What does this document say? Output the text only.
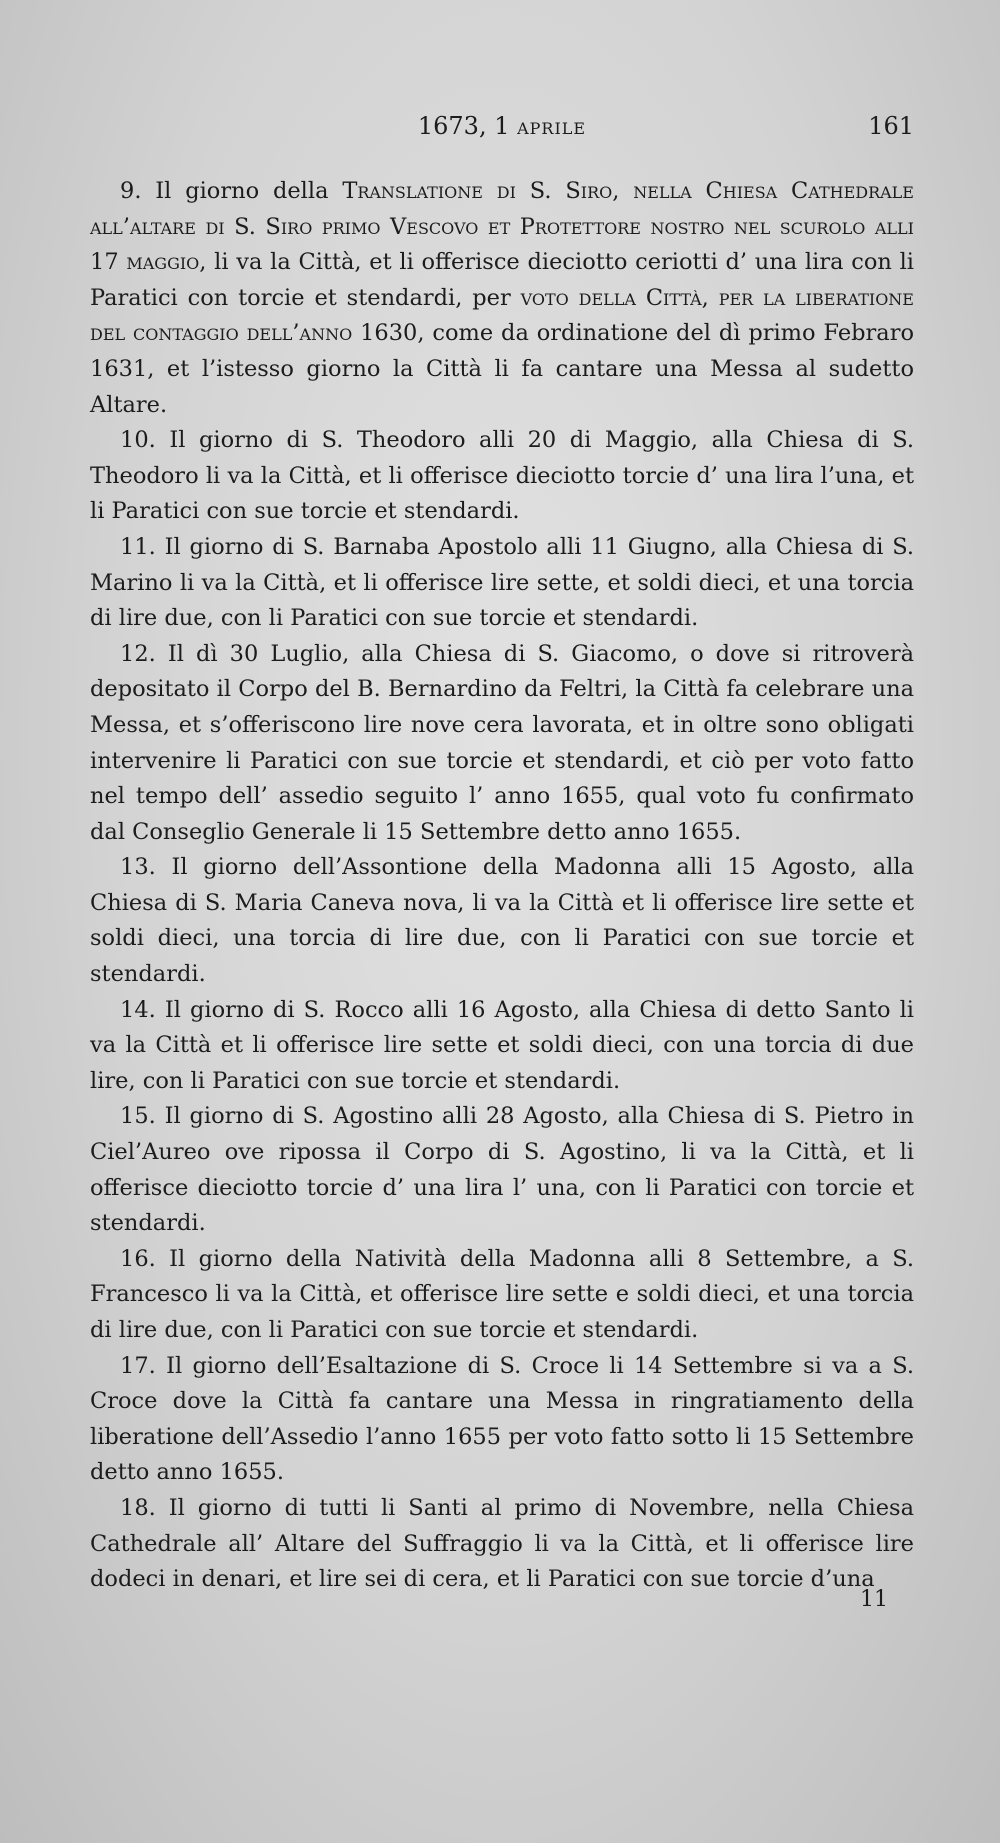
1673, 1 APRILE	161

9. Il giorno della Translatione di S. Siro, nella Chiesa Cathedrale all’altare di S. Siro primo Vescovo et Protettore nostro nel scurolo alli 17 maggio, li va la Città, et li offerisce dieciotto ceriotti d’ una lira con li Paratici con torcie et stendardi, per voto della Città, per la liberatione del contaggio dell’anno 1630, come da ordinatione del dì primo Febraro 1631, et l’istesso giorno la Città li fa cantare una Messa al sudetto Altare.

10. Il giorno di S. Theodoro alli 20 di Maggio, alla Chiesa di S. Theodoro li va la Città, et li offerisce dieciotto torcie d’ una lira l’una, et li Paratici con sue torcie et stendardi.

11. Il giorno di S. Barnaba Apostolo alli 11 Giugno, alla Chiesa di S. Marino li va la Città, et li offerisce lire sette, et soldi dieci, et una torcia di lire due, con li Paratici con sue torcie et stendardi.

12. Il dì 30 Luglio, alla Chiesa di S. Giacomo, o dove si ritroverà depositato il Corpo del B. Bernardino da Feltri, la Città fa celebrare una Messa, et s’offeriscono lire nove cera lavorata, et in oltre sono obligati intervenire li Paratici con sue torcie et stendardi, et ciò per voto fatto nel tempo dell’ assedio seguito l’ anno 1655, qual voto fu confirmato dal Conseglio Generale li 15 Settembre detto anno 1655.

13. Il giorno dell’Assontione della Madonna alli 15 Agosto, alla Chiesa di S. Maria Caneva nova, li va la Città et li offerisce lire sette et soldi dieci, una torcia di lire due, con li Paratici con sue torcie et stendardi.

14. Il giorno di S. Rocco alli 16 Agosto, alla Chiesa di detto Santo li va la Città et li offerisce lire sette et soldi dieci, con una torcia di due lire, con li Paratici con sue torcie et stendardi.

15. Il giorno di S. Agostino alli 28 Agosto, alla Chiesa di S. Pietro in Ciel’Aureo ove ripossa il Corpo di S. Agostino, li va la Città, et li offerisce dieciotto torcie d’ una lira l’ una, con li Paratici con torcie et stendardi.

16. Il giorno della Natività della Madonna alli 8 Settembre, a S. Francesco li va la Città, et offerisce lire sette e soldi dieci, et una torcia di lire due, con li Paratici con sue torcie et stendardi.

17. Il giorno dell’Esaltazione di S. Croce li 14 Settembre si va a S. Croce dove la Città fa cantare una Messa in ringratiamento della liberatione dell’Assedio l’anno 1655 per voto fatto sotto li 15 Settembre detto anno 1655.

18. Il giorno di tutti li Santi al primo di Novembre, nella Chiesa Cathedrale all’ Altare del Suffraggio li va la Città, et li offerisce lire dodeci in denari, et lire sei di cera, et li Paratici con sue torcie d’una

11
